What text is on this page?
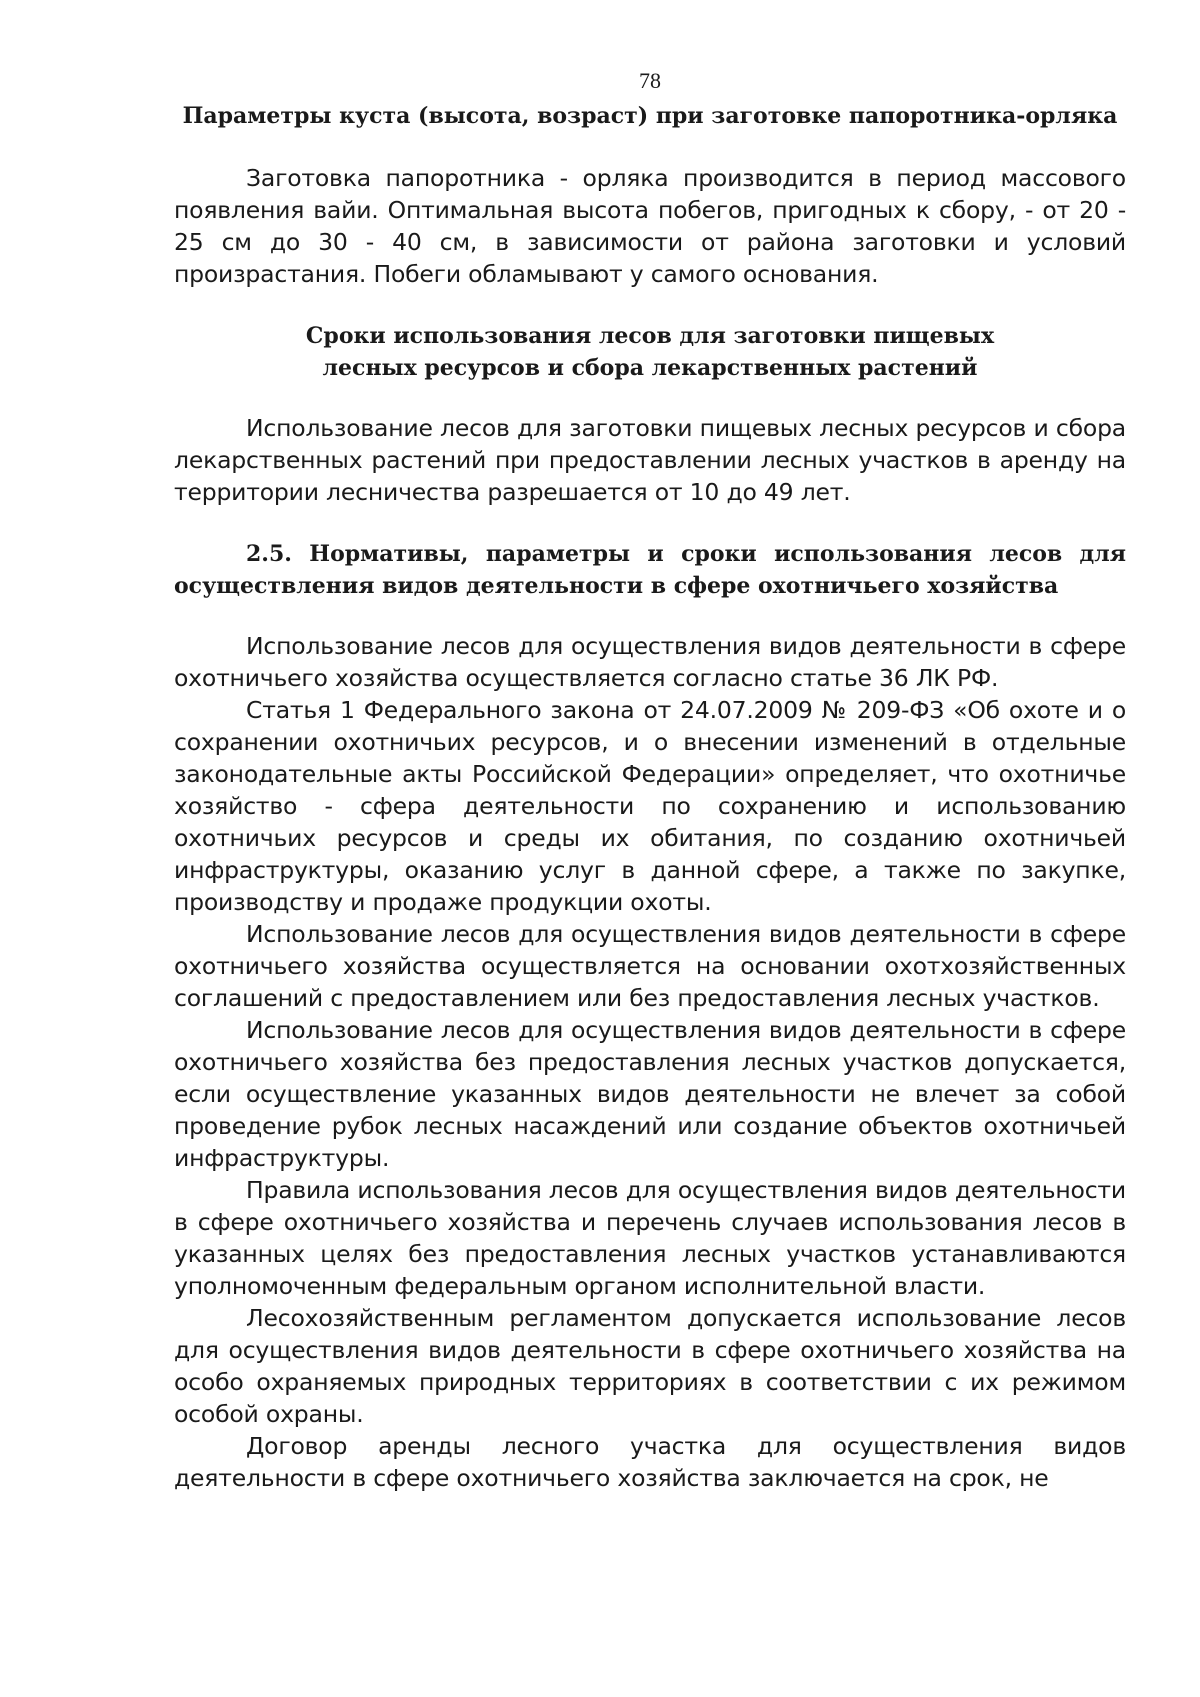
78
Параметры куста (высота, возраст) при заготовке папоротника-орляка

Заготовка папоротника - орляка производится в период массового появления вайи. Оптимальная высота побегов, пригодных к сбору, - от 20 - 25 см до 30 - 40 см, в зависимости от района заготовки и условий произрастания. Побеги обламывают у самого основания.

Сроки использования лесов для заготовки пищевых
лесных ресурсов и сбора лекарственных растений

Использование лесов для заготовки пищевых лесных ресурсов и сбора лекарственных растений при предоставлении лесных участков в аренду на территории лесничества разрешается от 10 до 49 лет.

2.5. Нормативы, параметры и сроки использования лесов для осуществления видов деятельности в сфере охотничьего хозяйства

Использование лесов для осуществления видов деятельности в сфере охотничьего хозяйства осуществляется согласно статье 36 ЛК РФ.

Статья 1 Федерального закона от 24.07.2009 № 209-ФЗ «Об охоте и о сохранении охотничьих ресурсов, и о внесении изменений в отдельные законодательные акты Российской Федерации» определяет, что охотничье хозяйство - сфера деятельности по сохранению и использованию охотничьих ресурсов и среды их обитания, по созданию охотничьей инфраструктуры, оказанию услуг в данной сфере, а также по закупке, производству и продаже продукции охоты.

Использование лесов для осуществления видов деятельности в сфере охотничьего хозяйства осуществляется на основании охотхозяйственных соглашений с предоставлением или без предоставления лесных участков.

Использование лесов для осуществления видов деятельности в сфере охотничьего хозяйства без предоставления лесных участков допускается, если осуществление указанных видов деятельности не влечет за собой проведение рубок лесных насаждений или создание объектов охотничьей инфраструктуры.

Правила использования лесов для осуществления видов деятельности в сфере охотничьего хозяйства и перечень случаев использования лесов в указанных целях без предоставления лесных участков устанавливаются уполномоченным федеральным органом исполнительной власти.

Лесохозяйственным регламентом допускается использование лесов для осуществления видов деятельности в сфере охотничьего хозяйства на особо охраняемых природных территориях в соответствии с их режимом особой охраны.

Договор аренды лесного участка для осуществления видов деятельности в сфере охотничьего хозяйства заключается на срок, не
